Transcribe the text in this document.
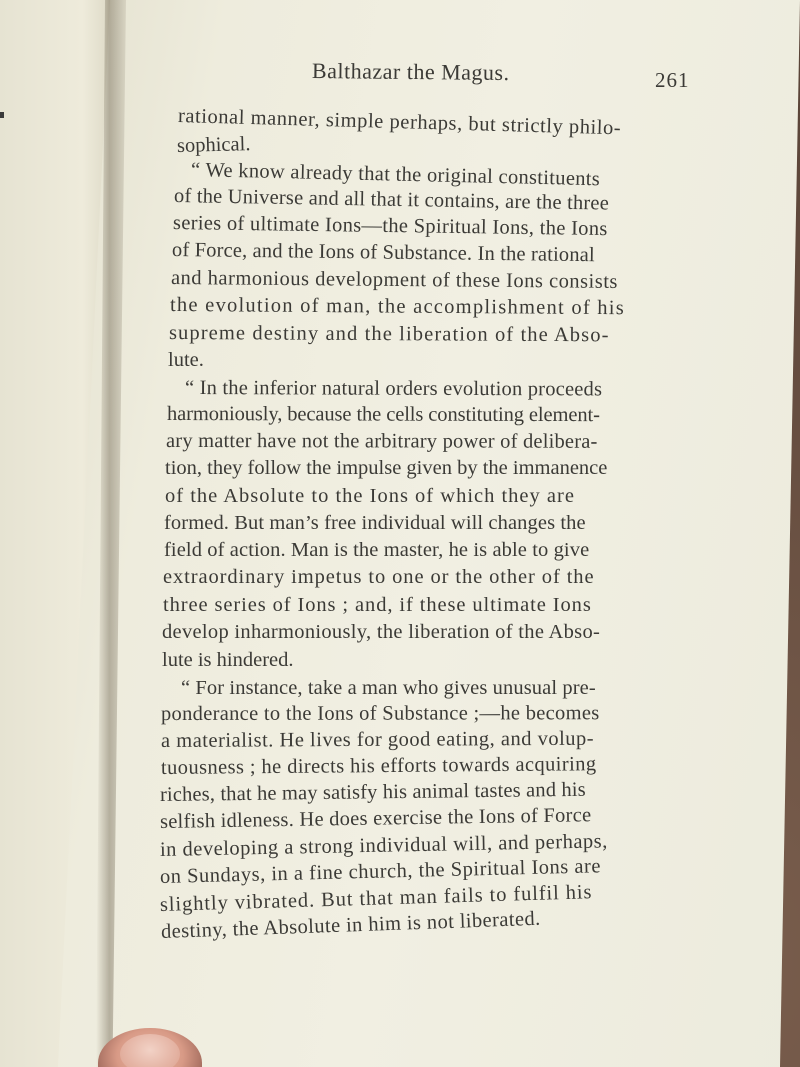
Balthazar the Magus.	261
rational manner, simple perhaps, but strictly philo-
sophical.
“ We know already that the original constituents
of the Universe and all that it contains, are the three
series of ultimate Ions—the Spiritual Ions, the Ions
of Force, and the Ions of Substance. In the rational
and harmonious development of these Ions consists
the evolution of man, the accomplishment of his
supreme destiny and the liberation of the Abso-
lute.
“ In the inferior natural orders evolution proceeds
harmoniously, because the cells constituting element-
ary matter have not the arbitrary power of delibera-
tion, they follow the impulse given by the immanence
of the Absolute to the Ions of which they are
formed. But man’s free individual will changes the
field of action. Man is the master, he is able to give
extraordinary impetus to one or the other of the
three series of Ions ; and, if these ultimate Ions
develop inharmoniously, the liberation of the Abso-
lute is hindered.
“ For instance, take a man who gives unusual pre-
ponderance to the Ions of Substance ;—he becomes
a materialist. He lives for good eating, and volup-
tuousness ; he directs his efforts towards acquiring
riches, that he may satisfy his animal tastes and his
selfish idleness. He does exercise the Ions of Force
in developing a strong individual will, and perhaps,
on Sundays, in a fine church, the Spiritual Ions are
slightly vibrated. But that man fails to fulfil his
destiny, the Absolute in him is not liberated.
